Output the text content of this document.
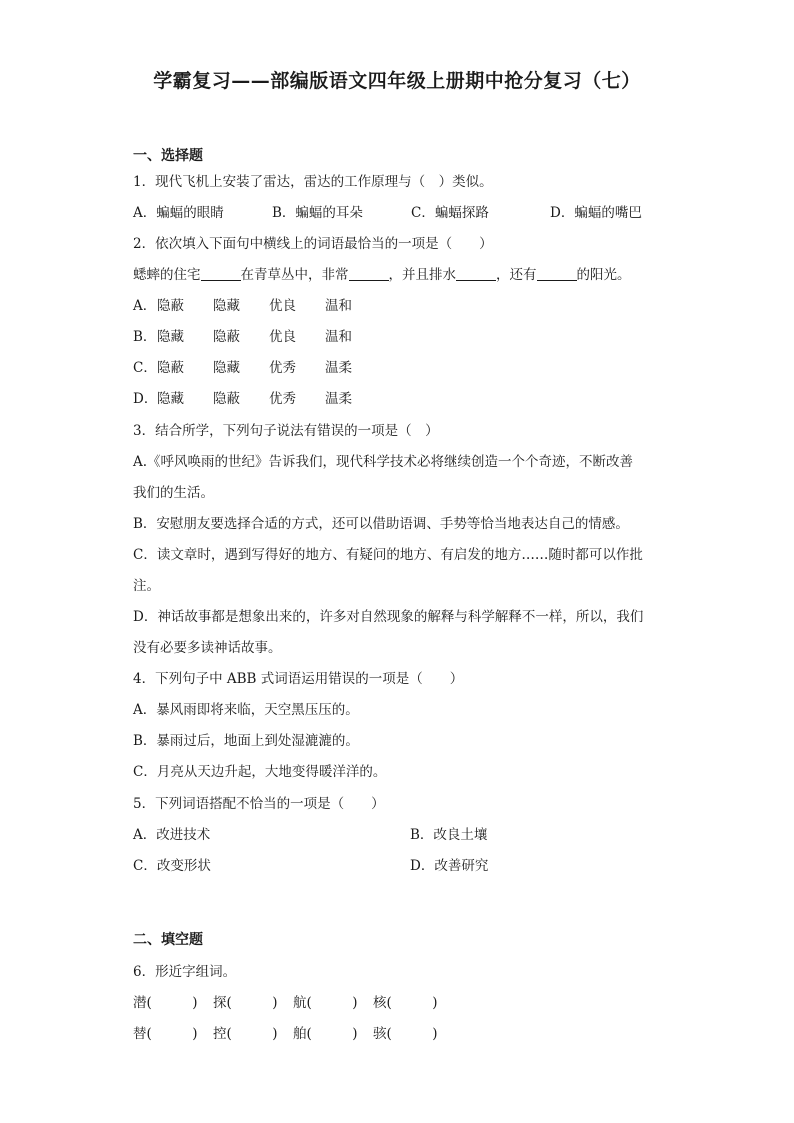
学霸复习——部编版语文四年级上册期中抢分复习（七）
一、选择题
1．现代飞机上安装了雷达，雷达的工作原理与（　）类似。
A．蝙蝠的眼睛	B．蝙蝠的耳朵	C．蝙蝠探路	D．蝙蝠的嘴巴
2．依次填入下面句中横线上的词语最恰当的一项是（　　）
蟋蟀的住宅	在青草丛中，非常	，并且排水	，还有	的阳光。
A．隐蔽 隐藏 优良 温和
B．隐藏 隐蔽 优良 温和
C．隐蔽 隐藏 优秀 温柔
D．隐藏 隐蔽 优秀 温柔
3．结合所学，下列句子说法有错误的一项是（　）
A.《呼风唤雨的世纪》告诉我们，现代科学技术必将继续创造一个个奇迹，不断改善
我们的生活。
B．安慰朋友要选择合适的方式，还可以借助语调、手势等恰当地表达自己的情感。
C．读文章时，遇到写得好的地方、有疑问的地方、有启发的地方……随时都可以作批
注。
D．神话故事都是想象出来的，许多对自然现象的解释与科学解释不一样，所以，我们
没有必要多读神话故事。
4．下列句子中 ABB 式词语运用错误的一项是（　　）
A．暴风雨即将来临，天空黑压压的。
B．暴雨过后，地面上到处湿漉漉的。
C．月亮从天边升起，大地变得暖洋洋的。
5．下列词语搭配不恰当的一项是（　　）
A．改进技术	B．改良土壤
C．改变形状	D．改善研究
二、填空题
6．形近字组词。
潜(　　　) 探(　　　) 航(　　　) 核(　　　)
替(　　　) 控(　　　) 舶(　　　) 骇(　　　)
